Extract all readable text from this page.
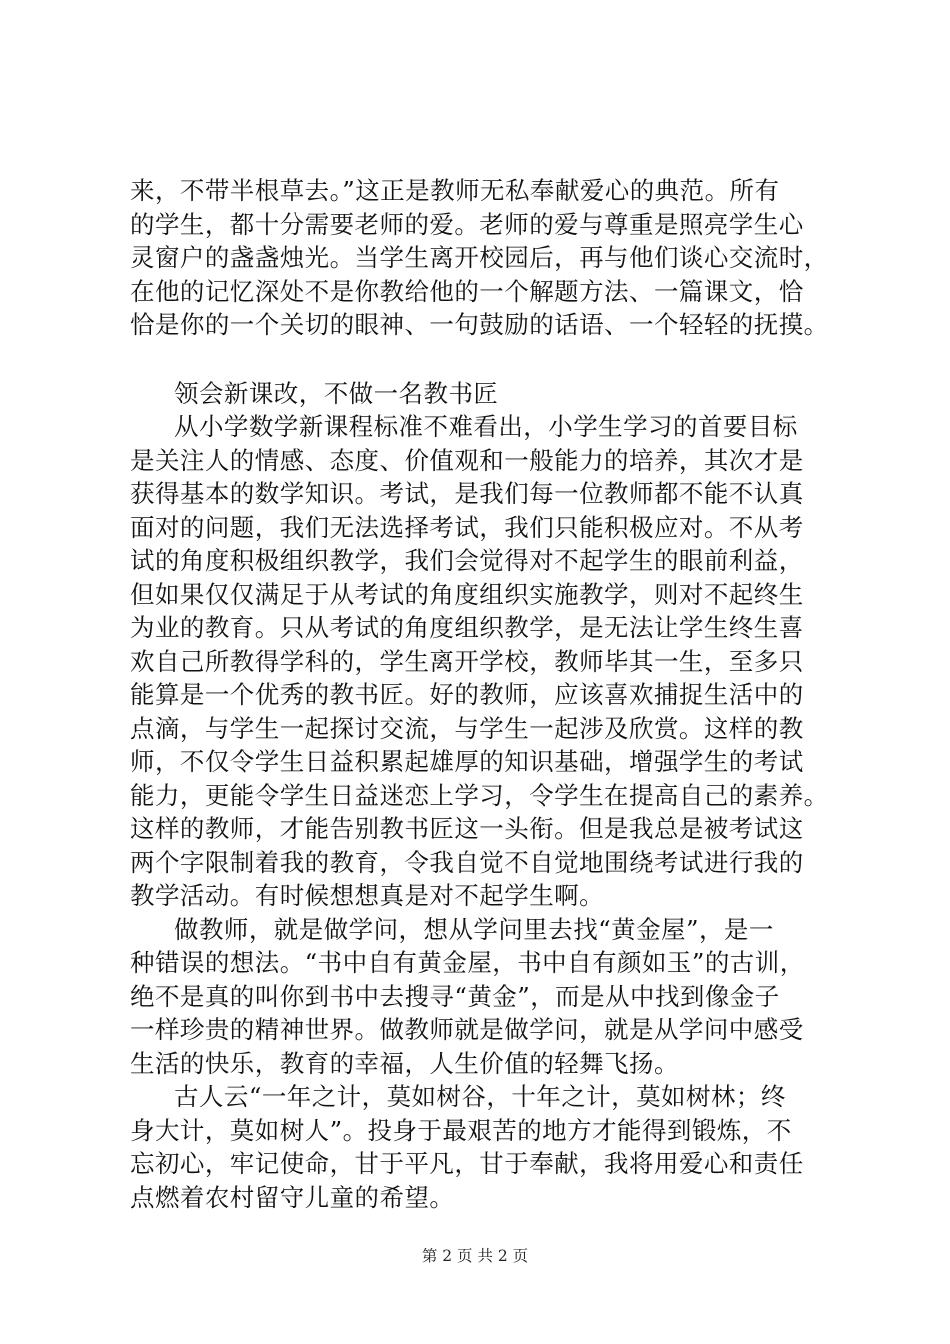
来，不带半根草去。”这正是教师无私奉献爱心的典范。所有
的学生，都十分需要老师的爱。老师的爱与尊重是照亮学生心
灵窗户的盏盏烛光。当学生离开校园后，再与他们谈心交流时，
在他的记忆深处不是你教给他的一个解题方法、一篇课文，恰
恰是你的一个关切的眼神、一句鼓励的话语、一个轻轻的抚摸。
领会新课改，不做一名教书匠
从小学数学新课程标准不难看出，小学生学习的首要目标
是关注人的情感、态度、价值观和一般能力的培养，其次才是
获得基本的数学知识。考试，是我们每一位教师都不能不认真
面对的问题，我们无法选择考试，我们只能积极应对。不从考
试的角度积极组织教学，我们会觉得对不起学生的眼前利益，
但如果仅仅满足于从考试的角度组织实施教学，则对不起终生
为业的教育。只从考试的角度组织教学，是无法让学生终生喜
欢自己所教得学科的，学生离开学校，教师毕其一生，至多只
能算是一个优秀的教书匠。好的教师，应该喜欢捕捉生活中的
点滴，与学生一起探讨交流，与学生一起涉及欣赏。这样的教
师，不仅令学生日益积累起雄厚的知识基础，增强学生的考试
能力，更能令学生日益迷恋上学习，令学生在提高自己的素养。
这样的教师，才能告别教书匠这一头衔。但是我总是被考试这
两个字限制着我的教育，令我自觉不自觉地围绕考试进行我的
教学活动。有时候想想真是对不起学生啊。
做教师，就是做学问，想从学问里去找“黄金屋”，是一
种错误的想法。“书中自有黄金屋，书中自有颜如玉”的古训，
绝不是真的叫你到书中去搜寻“黄金”，而是从中找到像金子
一样珍贵的精神世界。做教师就是做学问，就是从学问中感受
生活的快乐，教育的幸福，人生价值的轻舞飞扬。
古人云“一年之计，莫如树谷，十年之计，莫如树林；终
身大计，莫如树人”。投身于最艰苦的地方才能得到锻炼，不
忘初心，牢记使命，甘于平凡，甘于奉献，我将用爱心和责任
点燃着农村留守儿童的希望。
第 2 页 共 2 页
